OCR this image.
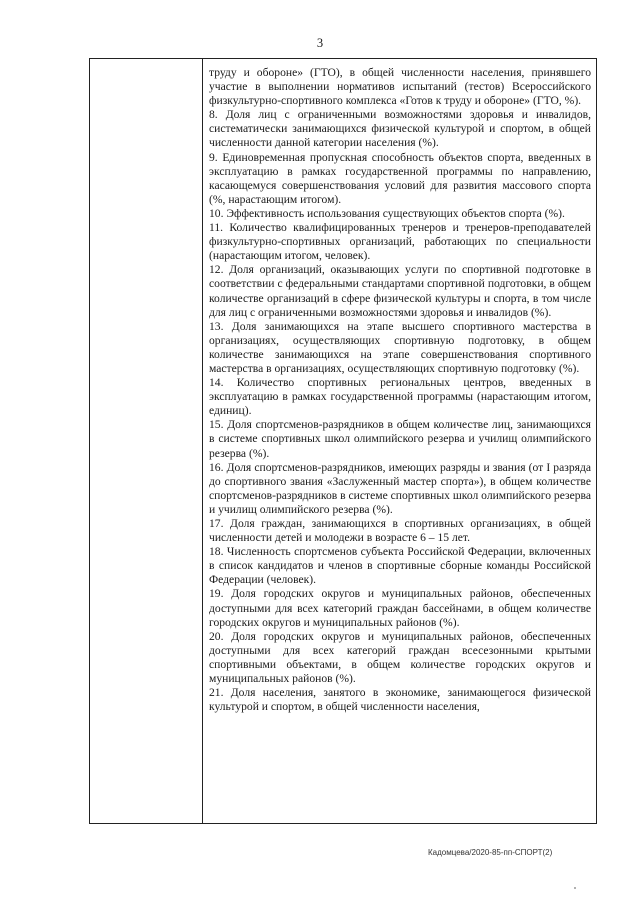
3

труду и обороне» (ГТО), в общей численности населения, принявшего участие в выполнении нормативов испытаний (тестов) Всероссийского физкультурно-спортивного комплекса «Готов к труду и обороне» (ГТО, %).

8. Доля лиц с ограниченными возможностями здоровья и инвалидов, систематически занимающихся физической культурой и спортом, в общей численности данной категории населения (%).

9. Единовременная пропускная способность объектов спорта, введенных в эксплуатацию в рамках государственной программы по направлению, касающемуся совершенствования условий для развития массового спорта (%, нарастающим итогом).

10. Эффективность использования существующих объектов спорта (%).

11. Количество квалифицированных тренеров и тренеров-преподавателей физкультурно-спортивных организаций, работающих по специальности (нарастающим итогом, человек).

12. Доля организаций, оказывающих услуги по спортивной подготовке в соответствии с федеральными стандартами спортивной подготовки, в общем количестве организаций в сфере физической культуры и спорта, в том числе для лиц с ограниченными возможностями здоровья и инвалидов (%).

13. Доля занимающихся на этапе высшего спортивного мастерства в организациях, осуществляющих спортивную подготовку, в общем количестве занимающихся на этапе совершенствования спортивного мастерства в организациях, осуществляющих спортивную подготовку (%).

14. Количество спортивных региональных центров, введенных в эксплуатацию в рамках государственной программы (нарастающим итогом, единиц).

15. Доля спортсменов-разрядников в общем количестве лиц, занимающихся в системе спортивных школ олимпийского резерва и училищ олимпийского резерва (%).

16. Доля спортсменов-разрядников, имеющих разряды и звания (от I разряда до спортивного звания «Заслуженный мастер спорта»), в общем количестве спортсменов-разрядников в системе спортивных школ олимпийского резерва и училищ олимпийского резерва (%).

17. Доля граждан, занимающихся в спортивных организациях, в общей численности детей и молодежи в возрасте 6 – 15 лет.

18. Численность спортсменов субъекта Российской Федерации, включенных в список кандидатов и членов в спортивные сборные команды Российской Федерации (человек).

19. Доля городских округов и муниципальных районов, обеспеченных доступными для всех категорий граждан бассейнами, в общем количестве городских округов и муниципальных районов (%).

20. Доля городских округов и муниципальных районов, обеспеченных доступными для всех категорий граждан всесезонными крытыми спортивными объектами, в общем количестве городских округов и муниципальных районов (%).

21. Доля населения, занятого в экономике, занимающегося физической культурой и спортом, в общей численности населения,

Кадомцева/2020-85-пп-СПОРТ(2)
